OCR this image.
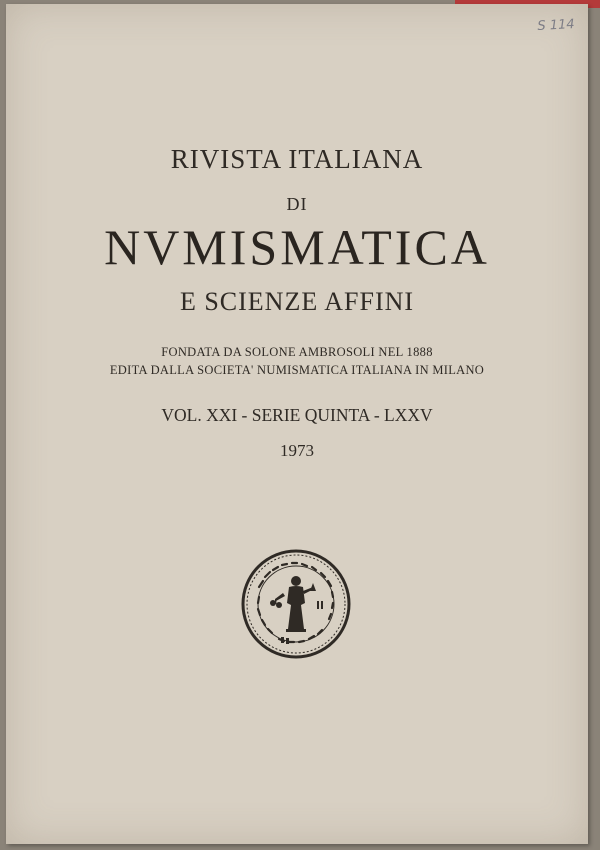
S 114
RIVISTA ITALIANA
DI
NVMISMATICA
E SCIENZE AFFINI
FONDATA DA SOLONE AMBROSOLI NEL 1888
EDITA DALLA SOCIETA' NUMISMATICA ITALIANA IN MILANO
VOL. XXI - SERIE QUINTA - LXXV
1973
